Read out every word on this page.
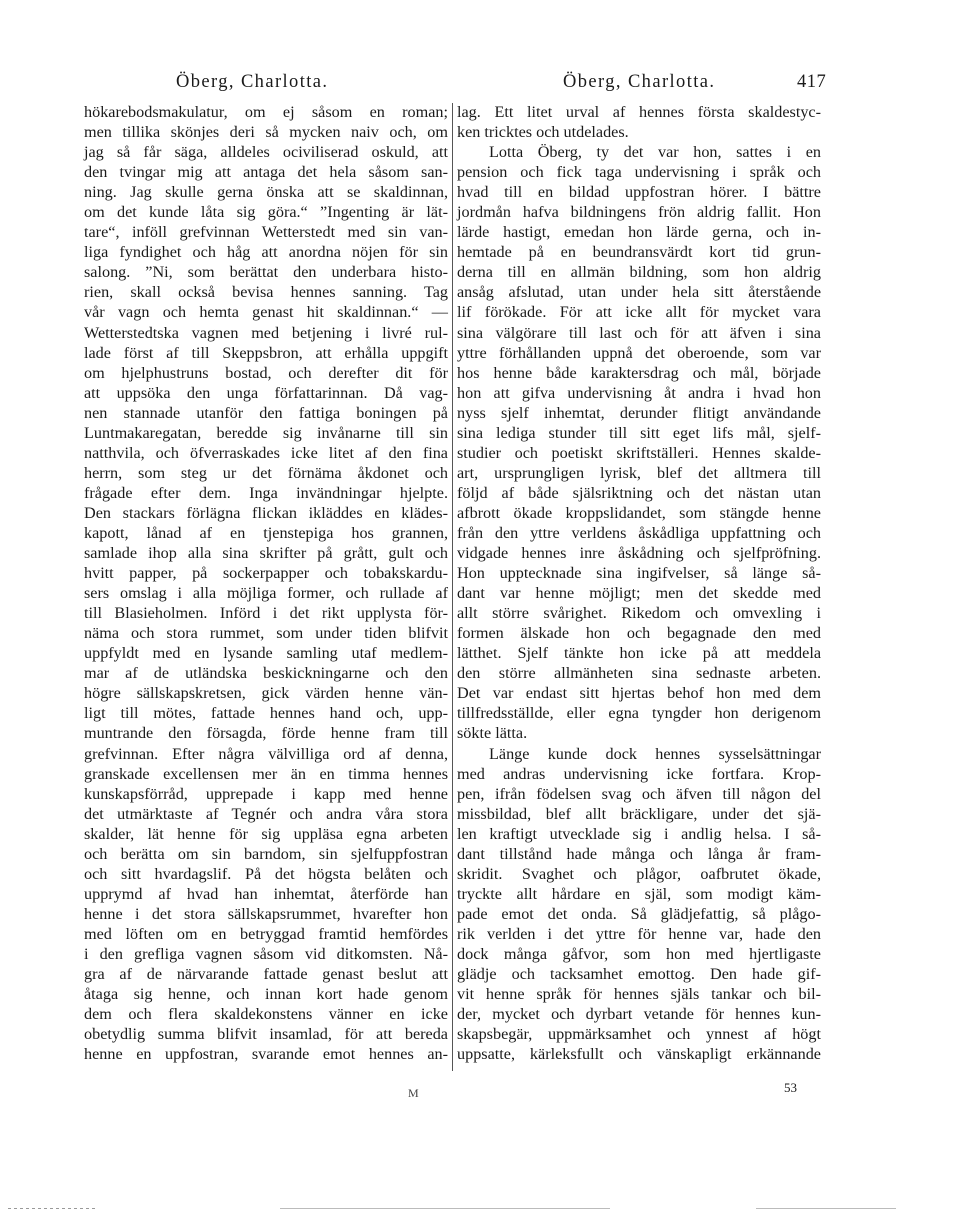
Öberg, Charlotta.	Öberg, Charlotta.	417
hökarebodsmakulatur, om ej såsom en roman;
men tillika skönjes deri så mycken naiv och, om
jag så får säga, alldeles ociviliserad oskuld, att
den tvingar mig att antaga det hela såsom san-
ning. Jag skulle gerna önska att se skaldinnan,
om det kunde låta sig göra.“ ”Ingenting är lät-
tare“, inföll grefvinnan Wetterstedt med sin van-
liga fyndighet och håg att anordna nöjen för sin
salong. ”Ni, som berättat den underbara histo-
rien, skall också bevisa hennes sanning. Tag
vår vagn och hemta genast hit skaldinnan.“ —
Wetterstedtska vagnen med betjening i livré rul-
lade först af till Skeppsbron, att erhålla uppgift
om hjelphustruns bostad, och derefter dit för
att uppsöka den unga författarinnan. Då vag-
nen stannade utanför den fattiga boningen på
Luntmakaregatan, beredde sig invånarne till sin
natthvila, och öfverraskades icke litet af den fina
herrn, som steg ur det förnäma åkdonet och
frågade efter dem. Inga invändningar hjelpte.
Den stackars förlägna flickan ikläddes en klädes-
kapott, lånad af en tjenstepiga hos grannen,
samlade ihop alla sina skrifter på grått, gult och
hvitt papper, på sockerpapper och tobakskardu-
sers omslag i alla möjliga former, och rullade af
till Blasieholmen. Införd i det rikt upplysta för-
näma och stora rummet, som under tiden blifvit
uppfyldt med en lysande samling utaf medlem-
mar af de utländska beskickningarne och den
högre sällskapskretsen, gick värden henne vän-
ligt till mötes, fattade hennes hand och, upp-
muntrande den försagda, förde henne fram till
grefvinnan. Efter några välvilliga ord af denna,
granskade excellensen mer än en timma hennes
kunskapsförråd, upprepade i kapp med henne
det utmärktaste af Tegnér och andra våra stora
skalder, lät henne för sig uppläsa egna arbeten
och berätta om sin barndom, sin sjelfuppfostran
och sitt hvardagslif. På det högsta belåten och
upprymd af hvad han inhemtat, återförde han
henne i det stora sällskapsrummet, hvarefter hon
med löften om en betryggad framtid hemfördes
i den grefliga vagnen såsom vid ditkomsten. Nå-
gra af de närvarande fattade genast beslut att
åtaga sig henne, och innan kort hade genom
dem och flera skaldekonstens vänner en icke
obetydlig summa blifvit insamlad, för att bereda
henne en uppfostran, svarande emot hennes an-
lag. Ett litet urval af hennes första skaldestyc-
ken tricktes och utdelades.
Lotta Öberg, ty det var hon, sattes i en
pension och fick taga undervisning i språk och
hvad till en bildad uppfostran hörer. I bättre
jordmån hafva bildningens frön aldrig fallit. Hon
lärde hastigt, emedan hon lärde gerna, och in-
hemtade på en beundransvärdt kort tid grun-
derna till en allmän bildning, som hon aldrig
ansåg afslutad, utan under hela sitt återstående
lif förökade. För att icke allt för mycket vara
sina välgörare till last och för att äfven i sina
yttre förhållanden uppnå det oberoende, som var
hos henne både karaktersdrag och mål, började
hon att gifva undervisning åt andra i hvad hon
nyss sjelf inhemtat, derunder flitigt användande
sina lediga stunder till sitt eget lifs mål, sjelf-
studier och poetiskt skriftställeri. Hennes skalde-
art, ursprungligen lyrisk, blef det alltmera till
följd af både själsriktning och det nästan utan
afbrott ökade kroppslidandet, som stängde henne
från den yttre verldens åskådliga uppfattning och
vidgade hennes inre åskådning och sjelfpröfning.
Hon upptecknade sina ingifvelser, så länge så-
dant var henne möjligt; men det skedde med
allt större svårighet. Rikedom och omvexling i
formen älskade hon och begagnade den med
lätthet. Sjelf tänkte hon icke på att meddela
den större allmänheten sina sednaste arbeten.
Det var endast sitt hjertas behof hon med dem
tillfredsställde, eller egna tyngder hon derigenom
sökte lätta.
Länge kunde dock hennes sysselsättningar
med andras undervisning icke fortfara. Krop-
pen, ifrån födelsen svag och äfven till någon del
missbildad, blef allt bräckligare, under det sjä-
len kraftigt utvecklade sig i andlig helsa. I så-
dant tillstånd hade många och långa år fram-
skridit. Svaghet och plågor, oafbrutet ökade,
tryckte allt hårdare en själ, som modigt käm-
pade emot det onda. Så glädjefattig, så plågo-
rik verlden i det yttre för henne var, hade den
dock många gåfvor, som hon med hjertligaste
glädje och tacksamhet emottog. Den hade gif-
vit henne språk för hennes själs tankar och bil-
der, mycket och dyrbart vetande för hennes kun-
skapsbegär, uppmärksamhet och ynnest af högt
uppsatte, kärleksfullt och vänskapligt erkännande
M	53
